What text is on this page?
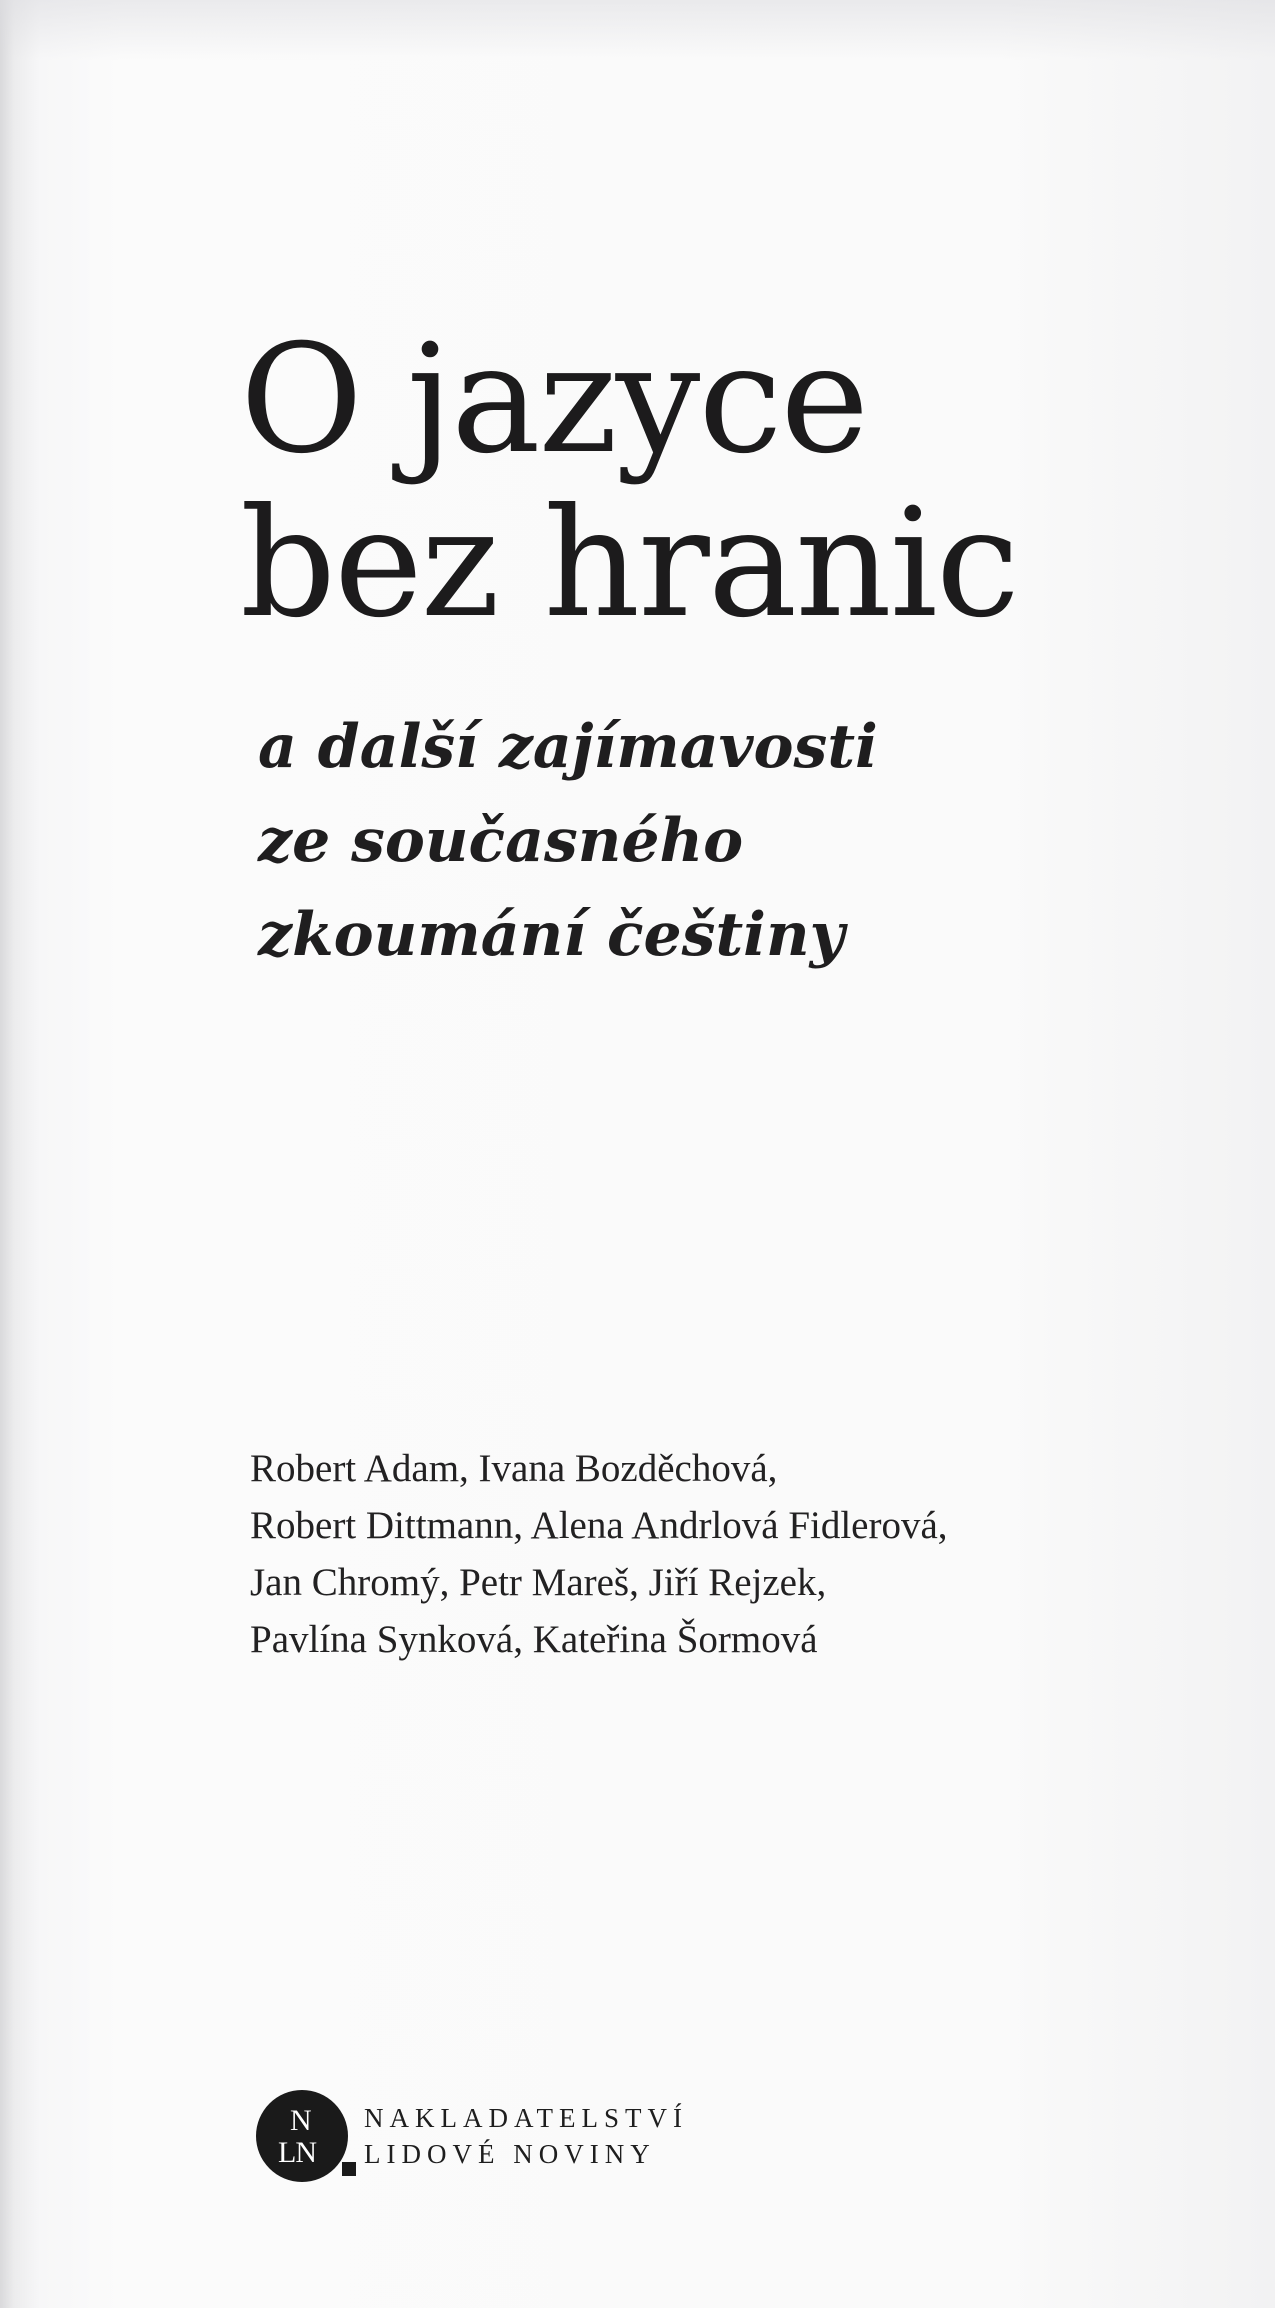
O jazyce
bez hranic
a další zajímavosti
ze současného
zkoumání češtiny
Robert Adam, Ivana Bozděchová,
Robert Dittmann, Alena Andrlová Fidlerová,
Jan Chromý, Petr Mareš, Jiří Rejzek,
Pavlína Synková, Kateřina Šormová
N
LN
NAKLADATELSTVÍ
LIDOVÉ NOVINY
